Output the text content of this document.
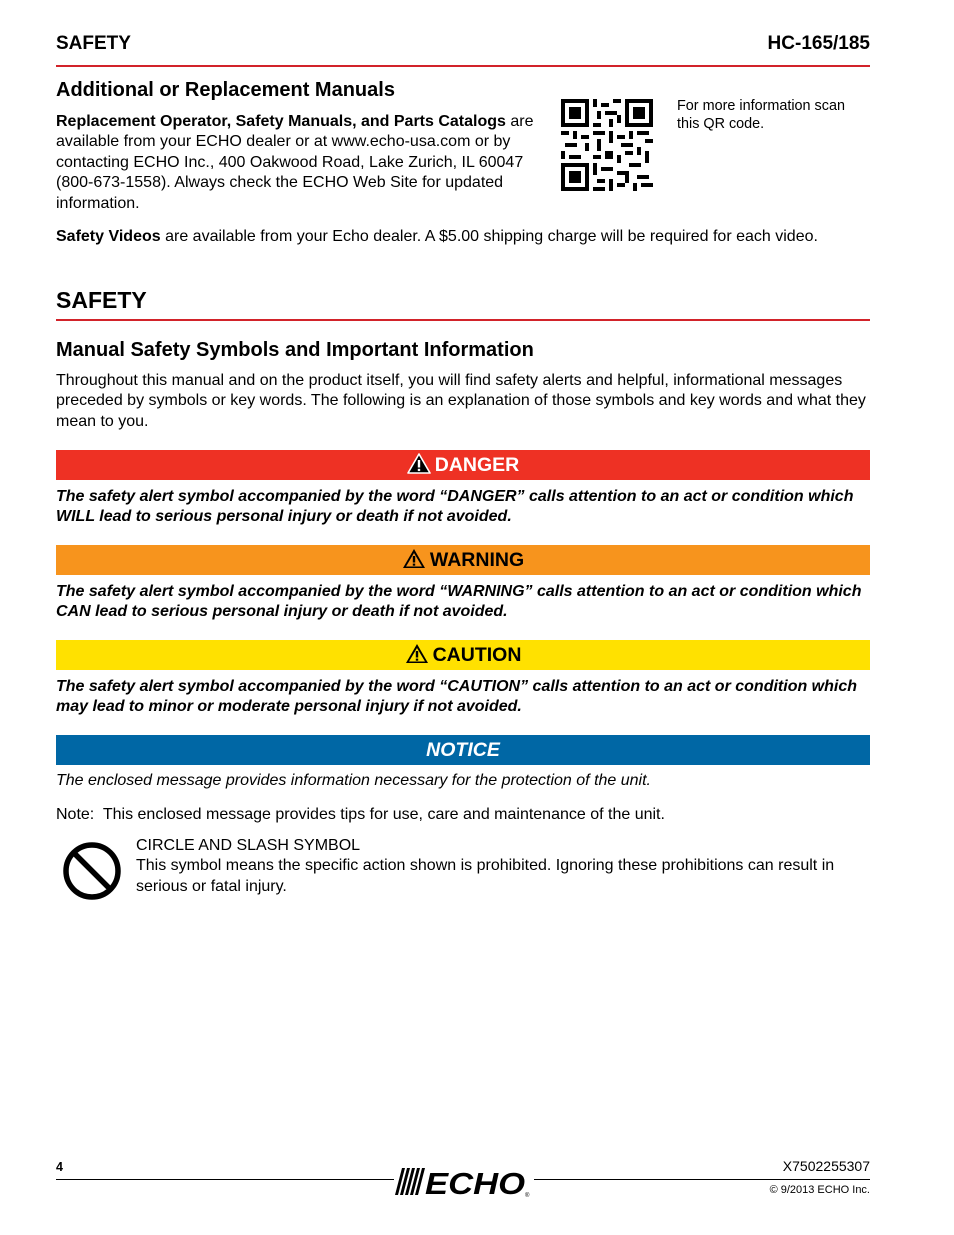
SAFETY	HC-165/185
Additional or Replacement Manuals
Replacement Operator, Safety Manuals, and Parts Catalogs are available from your ECHO dealer or at www.echo-usa.com or by contacting ECHO Inc., 400 Oakwood Road, Lake Zurich, IL 60047 (800-673-1558). Always check the ECHO Web Site for updated information.
For more information scan this QR code.
Safety Videos are available from your Echo dealer. A $5.00 shipping charge will be required for each video.
SAFETY
Manual Safety Symbols and Important Information
Throughout this manual and on the product itself, you will find safety alerts and helpful, informational messages preceded by symbols or key words. The following is an explanation of those symbols and key words and what they mean to you.
DANGER
The safety alert symbol accompanied by the word “DANGER” calls attention to an act or condition which WILL lead to serious personal injury or death if not avoided.
WARNING
The safety alert symbol accompanied by the word “WARNING” calls attention to an act or condition which CAN lead to serious personal injury or death if not avoided.
CAUTION
The safety alert symbol accompanied by the word “CAUTION” calls attention to an act or condition which may lead to minor or moderate personal injury if not avoided.
NOTICE
The enclosed message provides information necessary for the protection of the unit.
Note:  This enclosed message provides tips for use, care and maintenance of the unit.
CIRCLE AND SLASH SYMBOL
This symbol means the specific action shown is prohibited. Ignoring these prohibitions can result in serious or fatal injury.
4	X7502255307
ECHO ®	© 9/2013 ECHO Inc.
